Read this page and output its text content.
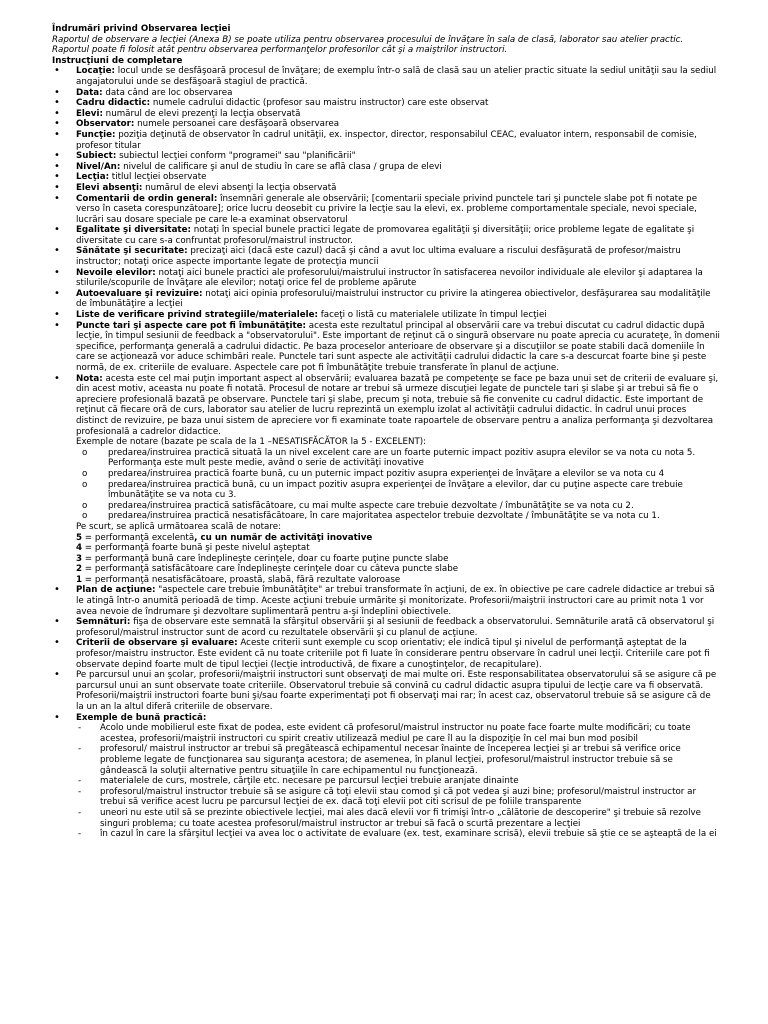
Îndrumări privind Observarea lecţiei
Raportul de observare a lecţiei (Anexa B) se poate utiliza pentru observarea procesului de învăţare în sala de clasă, laborator sau atelier practic. Raportul poate fi folosit atât pentru observarea performanţelor profesorilor cât şi a maiştrilor instructori.
Instrucţiuni de completare
• Locaţie: locul unde se desfăşoară procesul de învăţare; de exemplu într-o sală de clasă sau un atelier practic situate la sediul unităţii sau la sediul angajatorului unde se desfăşoară stagiul de practică.
• Data: data când are loc observarea
• Cadru didactic: numele cadrului didactic (profesor sau maistru instructor) care este observat
• Elevi: numărul de elevi prezenţi la lecţia observată
• Observator: numele persoanei care desfăşoară observarea
• Funcţie: poziţia deţinută de observator în cadrul unităţii, ex. inspector, director, responsabilul CEAC, evaluator intern, responsabil de comisie, profesor titular
• Subiect: subiectul lecţiei conform "programei" sau "planificării"
• Nivel/An: nivelul de calificare şi anul de studiu în care se află clasa / grupa de elevi
• Lecţia: titlul lecţiei observate
• Elevi absenţi: numărul de elevi absenţi la lecţia observată
• Comentarii de ordin general: însemnări generale ale observării; [comentarii speciale privind punctele tari şi punctele slabe pot fi notate pe verso în caseta corespunzătoare]; orice lucru deosebit cu privire la lecţie sau la elevi, ex. probleme comportamentale speciale, nevoi speciale, lucrări sau dosare speciale pe care le-a examinat observatorul
• Egalitate şi diversitate: notaţi în special bunele practici legate de promovarea egalităţii şi diversităţii; orice probleme legate de egalitate şi diversitate cu care s-a confruntat profesorul/maistrul instructor.
• Sănătate şi securitate: precizaţi aici (dacă este cazul) dacă şi când a avut loc ultima evaluare a riscului desfăşurată de profesor/maistru instructor; notaţi orice aspecte importante legate de protecţia muncii
• Nevoile elevilor: notaţi aici bunele practici ale profesorului/maistrului instructor în satisfacerea nevoilor individuale ale elevilor şi adaptarea la stilurile/scopurile de învăţare ale elevilor; notaţi orice fel de probleme apărute
• Autoevaluare şi revizuire: notaţi aici opinia profesorului/maistrului instructor cu privire la atingerea obiectivelor, desfăşurarea sau modalităţile de îmbunătăţire a lecţiei
• Liste de verificare privind strategiile/materialele: faceţi o listă cu materialele utilizate în timpul lecţiei
• Puncte tari şi aspecte care pot fi îmbunătăţite: acesta este rezultatul principal al observării care va trebui discutat cu cadrul didactic după lecţie, în timpul sesiunii de feedback a "observatorului". Este important de reţinut că o singură observare nu poate aprecia cu acurateţe, în domenii specifice, performanţa generală a cadrului didactic. Pe baza proceselor anterioare de observare şi a discuţiilor se poate stabili dacă domeniile în care se acţionează vor aduce schimbări reale. Punctele tari sunt aspecte ale activităţii cadrului didactic la care s-a descurcat foarte bine şi peste normă, de ex. criteriile de evaluare. Aspectele care pot fi îmbunătăţite trebuie transferate în planul de acţiune.
• Nota: acesta este cel mai puţin important aspect al observării; evaluarea bazată pe competenţe se face pe baza unui set de criterii de evaluare şi, din acest motiv, aceasta nu poate fi notată. Procesul de notare ar trebui să urmeze discuţiei legate de punctele tari şi slabe şi ar trebui să fie o apreciere profesională bazată pe observare. Punctele tari şi slabe, precum şi nota, trebuie să fie convenite cu cadrul didactic. Este important de reţinut că fiecare oră de curs, laborator sau atelier de lucru reprezintă un exemplu izolat al activităţii cadrului didactic. În cadrul unui proces distinct de revizuire, pe baza unui sistem de apreciere vor fi examinate toate rapoartele de observare pentru a analiza performanţa şi dezvoltarea profesională a cadrelor didactice.
Exemple de notare (bazate pe scala de la 1 –NESATISFĂCĂTOR la 5 - EXCELENT):
o predarea/instruirea practică situată la un nivel excelent care are un foarte puternic impact pozitiv asupra elevilor se va nota cu nota 5. Performanţa este mult peste medie, având o serie de activităţi inovative
o predarea/instruirea practică foarte bună, cu un puternic impact pozitiv asupra experienţei de învăţare a elevilor se va nota cu 4
o predarea/instruirea practică bună, cu un impact pozitiv asupra experienţei de învăţare a elevilor, dar cu puţine aspecte care trebuie îmbunătăţite se va nota cu 3.
o predarea/instruirea practică satisfăcătoare, cu mai multe aspecte care trebuie dezvoltate / îmbunătăţite se va nota cu 2.
o predarea/instruirea practică nesatisfăcătoare, în care majoritatea aspectelor trebuie dezvoltate / îmbunătăţite se va nota cu 1.
Pe scurt, se aplică următoarea scală de notare:
5 = performanţă excelentă, cu un număr de activităţi inovative
4 = performanţă foarte bună şi peste nivelul aşteptat
3 = performanţă bună care îndeplineşte cerinţele, doar cu foarte puţine puncte slabe
2 = performanţă satisfăcătoare care îndeplineşte cerinţele doar cu câteva puncte slabe
1 = performanţă nesatisfăcătoare, proastă, slabă, fără rezultate valoroase
• Plan de acţiune: "aspectele care trebuie îmbunătăţite" ar trebui transformate în acţiuni, de ex. în obiective pe care cadrele didactice ar trebui să le atingă într-o anumită perioadă de timp. Aceste acţiuni trebuie urmărite şi monitorizate. Profesorii/maiştrii instructori care au primit nota 1 vor avea nevoie de îndrumare şi dezvoltare suplimentară pentru a-şi îndeplini obiectivele.
• Semnături: fişa de observare este semnată la sfârşitul observării şi al sesiunii de feedback a observatorului. Semnăturile arată că observatorul şi profesorul/maistrul instructor sunt de acord cu rezultatele observării şi cu planul de acţiune.
• Criterii de observare şi evaluare: Aceste criterii sunt exemple cu scop orientativ; ele indică tipul şi nivelul de performanţă aşteptat de la profesor/maistru instructor. Este evident că nu toate criteriile pot fi luate în considerare pentru observare în cadrul unei lecţii. Criteriile care pot fi observate depind foarte mult de tipul lecţiei (lecţie introductivă, de fixare a cunoştinţelor, de recapitulare).
• Pe parcursul unui an şcolar, profesorii/maiştrii instructori sunt observaţi de mai multe ori. Este responsabilitatea observatorului să se asigure că pe parcursul unui an sunt observate toate criteriile. Observatorul trebuie să convină cu cadrul didactic asupra tipului de lecţie care va fi observată.
Profesorii/maiştrii instructori foarte buni şi/sau foarte experimentaţi pot fi observaţi mai rar; în acest caz, observatorul trebuie să se asigure că de la un an la altul diferă criteriile de observare.
• Exemple de bună practică:
- Acolo unde mobilierul este fixat de podea, este evident că profesorul/maistrul instructor nu poate face foarte multe modificări; cu toate acestea, profesorii/maiştrii instructori cu spirit creativ utilizează mediul pe care îl au la dispoziţie în cel mai bun mod posibil
- profesorul/ maistrul instructor ar trebui să pregătească echipamentul necesar înainte de începerea lecţiei şi ar trebui să verifice orice probleme legate de funcţionarea sau siguranţa acestora; de asemenea, în planul lecţiei, profesorul/maistrul instructor trebuie să se gândească la soluţii alternative pentru situaţiile în care echipamentul nu funcţionează.
- materialele de curs, mostrele, cărţile etc. necesare pe parcursul lecţiei trebuie aranjate dinainte
- profesorul/maistrul instructor trebuie să se asigure că toţi elevii stau comod şi că pot vedea şi auzi bine; profesorul/maistrul instructor ar trebui să verifice acest lucru pe parcursul lecţiei de ex. dacă toţi elevii pot citi scrisul de pe foliile transparente
- uneori nu este util să se prezinte obiectivele lecţiei, mai ales dacă elevii vor fi trimişi într-o „călătorie de descoperire" şi trebuie să rezolve singuri problema; cu toate acestea profesorul/maistrul instructor ar trebui să facă o scurtă prezentare a lecţiei
- în cazul în care la sfârşitul lecţiei va avea loc o activitate de evaluare (ex. test, examinare scrisă), elevii trebuie să ştie ce se aşteaptă de la ei
